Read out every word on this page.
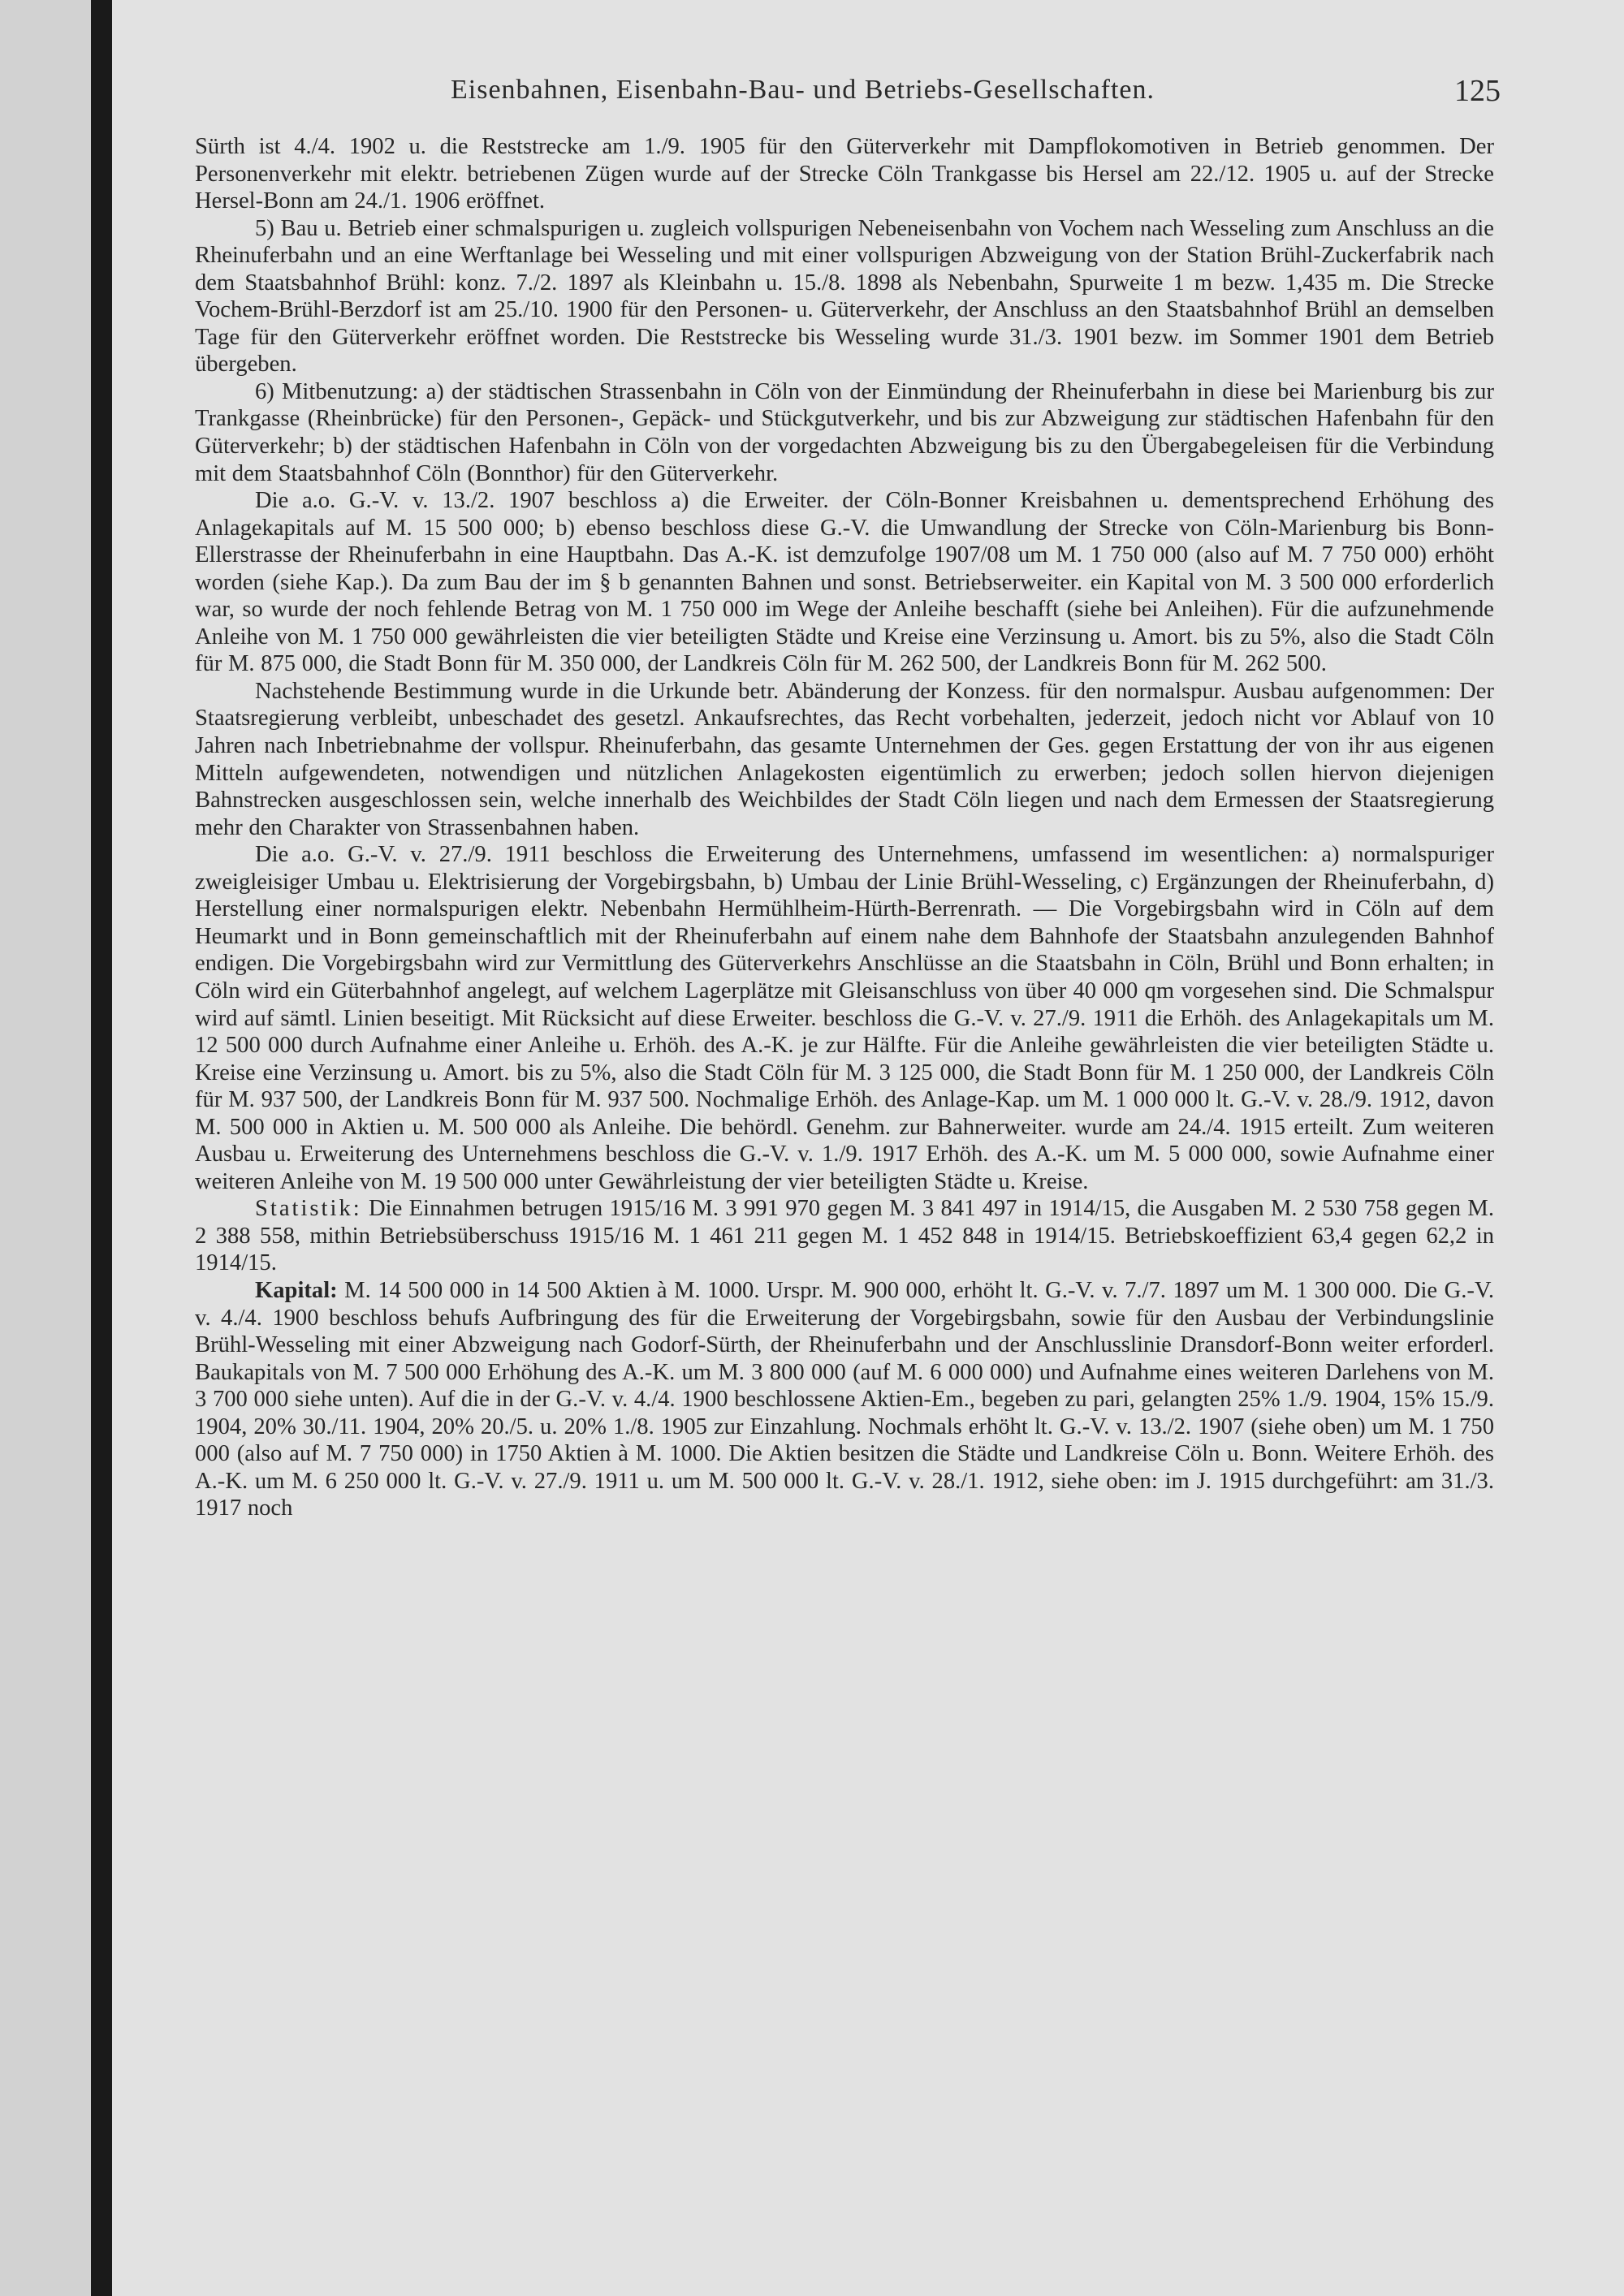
Eisenbahnen, Eisenbahn-Bau- und Betriebs-Gesellschaften.	125

Sürth ist 4./4. 1902 u. die Reststrecke am 1./9. 1905 für den Güterverkehr mit Dampflokomotiven in Betrieb genommen. Der Personenverkehr mit elektr. betriebenen Zügen wurde auf der Strecke Cöln Trankgasse bis Hersel am 22./12. 1905 u. auf der Strecke Hersel-Bonn am 24./1. 1906 eröffnet.

5) Bau u. Betrieb einer schmalspurigen u. zugleich vollspurigen Nebeneisenbahn von Vochem nach Wesseling zum Anschluss an die Rheinuferbahn und an eine Werftanlage bei Wesseling und mit einer vollspurigen Abzweigung von der Station Brühl-Zuckerfabrik nach dem Staatsbahnhof Brühl: konz. 7./2. 1897 als Kleinbahn u. 15./8. 1898 als Nebenbahn, Spurweite 1 m bezw. 1,435 m. Die Strecke Vochem-Brühl-Berzdorf ist am 25./10. 1900 für den Personen- u. Güterverkehr, der Anschluss an den Staatsbahnhof Brühl an demselben Tage für den Güterverkehr eröffnet worden. Die Reststrecke bis Wesseling wurde 31./3. 1901 bezw. im Sommer 1901 dem Betrieb übergeben.

6) Mitbenutzung: a) der städtischen Strassenbahn in Cöln von der Einmündung der Rheinuferbahn in diese bei Marienburg bis zur Trankgasse (Rheinbrücke) für den Personen-, Gepäck- und Stückgutverkehr, und bis zur Abzweigung zur städtischen Hafenbahn für den Güterverkehr; b) der städtischen Hafenbahn in Cöln von der vorgedachten Abzweigung bis zu den Übergabegeleisen für die Verbindung mit dem Staatsbahnhof Cöln (Bonnthor) für den Güterverkehr.

Die a.o. G.-V. v. 13./2. 1907 beschloss a) die Erweiter. der Cöln-Bonner Kreisbahnen u. dementsprechend Erhöhung des Anlagekapitals auf M. 15 500 000; b) ebenso beschloss diese G.-V. die Umwandlung der Strecke von Cöln-Marienburg bis Bonn-Ellerstrasse der Rheinuferbahn in eine Hauptbahn. Das A.-K. ist demzufolge 1907/08 um M. 1 750 000 (also auf M. 7 750 000) erhöht worden (siehe Kap.). Da zum Bau der im § b genannten Bahnen und sonst. Betriebserweiter. ein Kapital von M. 3 500 000 erforderlich war, so wurde der noch fehlende Betrag von M. 1 750 000 im Wege der Anleihe beschafft (siehe bei Anleihen). Für die aufzunehmende Anleihe von M. 1 750 000 gewährleisten die vier beteiligten Städte und Kreise eine Verzinsung u. Amort. bis zu 5%, also die Stadt Cöln für M. 875 000, die Stadt Bonn für M. 350 000, der Landkreis Cöln für M. 262 500, der Landkreis Bonn für M. 262 500.

Nachstehende Bestimmung wurde in die Urkunde betr. Abänderung der Konzess. für den normalspur. Ausbau aufgenommen: Der Staatsregierung verbleibt, unbeschadet des gesetzl. Ankaufsrechtes, das Recht vorbehalten, jederzeit, jedoch nicht vor Ablauf von 10 Jahren nach Inbetriebnahme der vollspur. Rheinuferbahn, das gesamte Unternehmen der Ges. gegen Erstattung der von ihr aus eigenen Mitteln aufgewendeten, notwendigen und nützlichen Anlagekosten eigentümlich zu erwerben; jedoch sollen hiervon diejenigen Bahnstrecken ausgeschlossen sein, welche innerhalb des Weichbildes der Stadt Cöln liegen und nach dem Ermessen der Staatsregierung mehr den Charakter von Strassenbahnen haben.

Die a.o. G.-V. v. 27./9. 1911 beschloss die Erweiterung des Unternehmens, umfassend im wesentlichen: a) normalspuriger zweigleisiger Umbau u. Elektrisierung der Vorgebirgsbahn, b) Umbau der Linie Brühl-Wesseling, c) Ergänzungen der Rheinuferbahn, d) Herstellung einer normalspurigen elektr. Nebenbahn Hermühlheim-Hürth-Berrenrath. — Die Vorgebirgsbahn wird in Cöln auf dem Heumarkt und in Bonn gemeinschaftlich mit der Rheinuferbahn auf einem nahe dem Bahnhofe der Staatsbahn anzulegenden Bahnhof endigen. Die Vorgebirgsbahn wird zur Vermittlung des Güterverkehrs Anschlüsse an die Staatsbahn in Cöln, Brühl und Bonn erhalten; in Cöln wird ein Güterbahnhof angelegt, auf welchem Lagerplätze mit Gleisanschluss von über 40 000 qm vorgesehen sind. Die Schmalspur wird auf sämtl. Linien beseitigt. Mit Rücksicht auf diese Erweiter. beschloss die G.-V. v. 27./9. 1911 die Erhöh. des Anlagekapitals um M. 12 500 000 durch Aufnahme einer Anleihe u. Erhöh. des A.-K. je zur Hälfte. Für die Anleihe gewährleisten die vier beteiligten Städte u. Kreise eine Verzinsung u. Amort. bis zu 5%, also die Stadt Cöln für M. 3 125 000, die Stadt Bonn für M. 1 250 000, der Landkreis Cöln für M. 937 500, der Landkreis Bonn für M. 937 500. Nochmalige Erhöh. des Anlage-Kap. um M. 1 000 000 lt. G.-V. v. 28./9. 1912, davon M. 500 000 in Aktien u. M. 500 000 als Anleihe. Die behördl. Genehm. zur Bahnerweiter. wurde am 24./4. 1915 erteilt. Zum weiteren Ausbau u. Erweiterung des Unternehmens beschloss die G.-V. v. 1./9. 1917 Erhöh. des A.-K. um M. 5 000 000, sowie Aufnahme einer weiteren Anleihe von M. 19 500 000 unter Gewährleistung der vier beteiligten Städte u. Kreise.

Statistik: Die Einnahmen betrugen 1915/16 M. 3 991 970 gegen M. 3 841 497 in 1914/15, die Ausgaben M. 2 530 758 gegen M. 2 388 558, mithin Betriebsüberschuss 1915/16 M. 1 461 211 gegen M. 1 452 848 in 1914/15. Betriebskoeffizient 63,4 gegen 62,2 in 1914/15.

Kapital: M. 14 500 000 in 14 500 Aktien à M. 1000. Urspr. M. 900 000, erhöht lt. G.-V. v. 7./7. 1897 um M. 1 300 000. Die G.-V. v. 4./4. 1900 beschloss behufs Aufbringung des für die Erweiterung der Vorgebirgsbahn, sowie für den Ausbau der Verbindungslinie Brühl-Wesseling mit einer Abzweigung nach Godorf-Sürth, der Rheinuferbahn und der Anschlusslinie Dransdorf-Bonn weiter erforderl. Baukapitals von M. 7 500 000 Erhöhung des A.-K. um M. 3 800 000 (auf M. 6 000 000) und Aufnahme eines weiteren Darlehens von M. 3 700 000 siehe unten). Auf die in der G.-V. v. 4./4. 1900 beschlossene Aktien-Em., begeben zu pari, gelangten 25% 1./9. 1904, 15% 15./9. 1904, 20% 30./11. 1904, 20% 20./5. u. 20% 1./8. 1905 zur Einzahlung. Nochmals erhöht lt. G.-V. v. 13./2. 1907 (siehe oben) um M. 1 750 000 (also auf M. 7 750 000) in 1750 Aktien à M. 1000. Die Aktien besitzen die Städte und Landkreise Cöln u. Bonn. Weitere Erhöh. des A.-K. um M. 6 250 000 lt. G.-V. v. 27./9. 1911 u. um M. 500 000 lt. G.-V. v. 28./1. 1912, siehe oben: im J. 1915 durchgeführt: am 31./3. 1917 noch
